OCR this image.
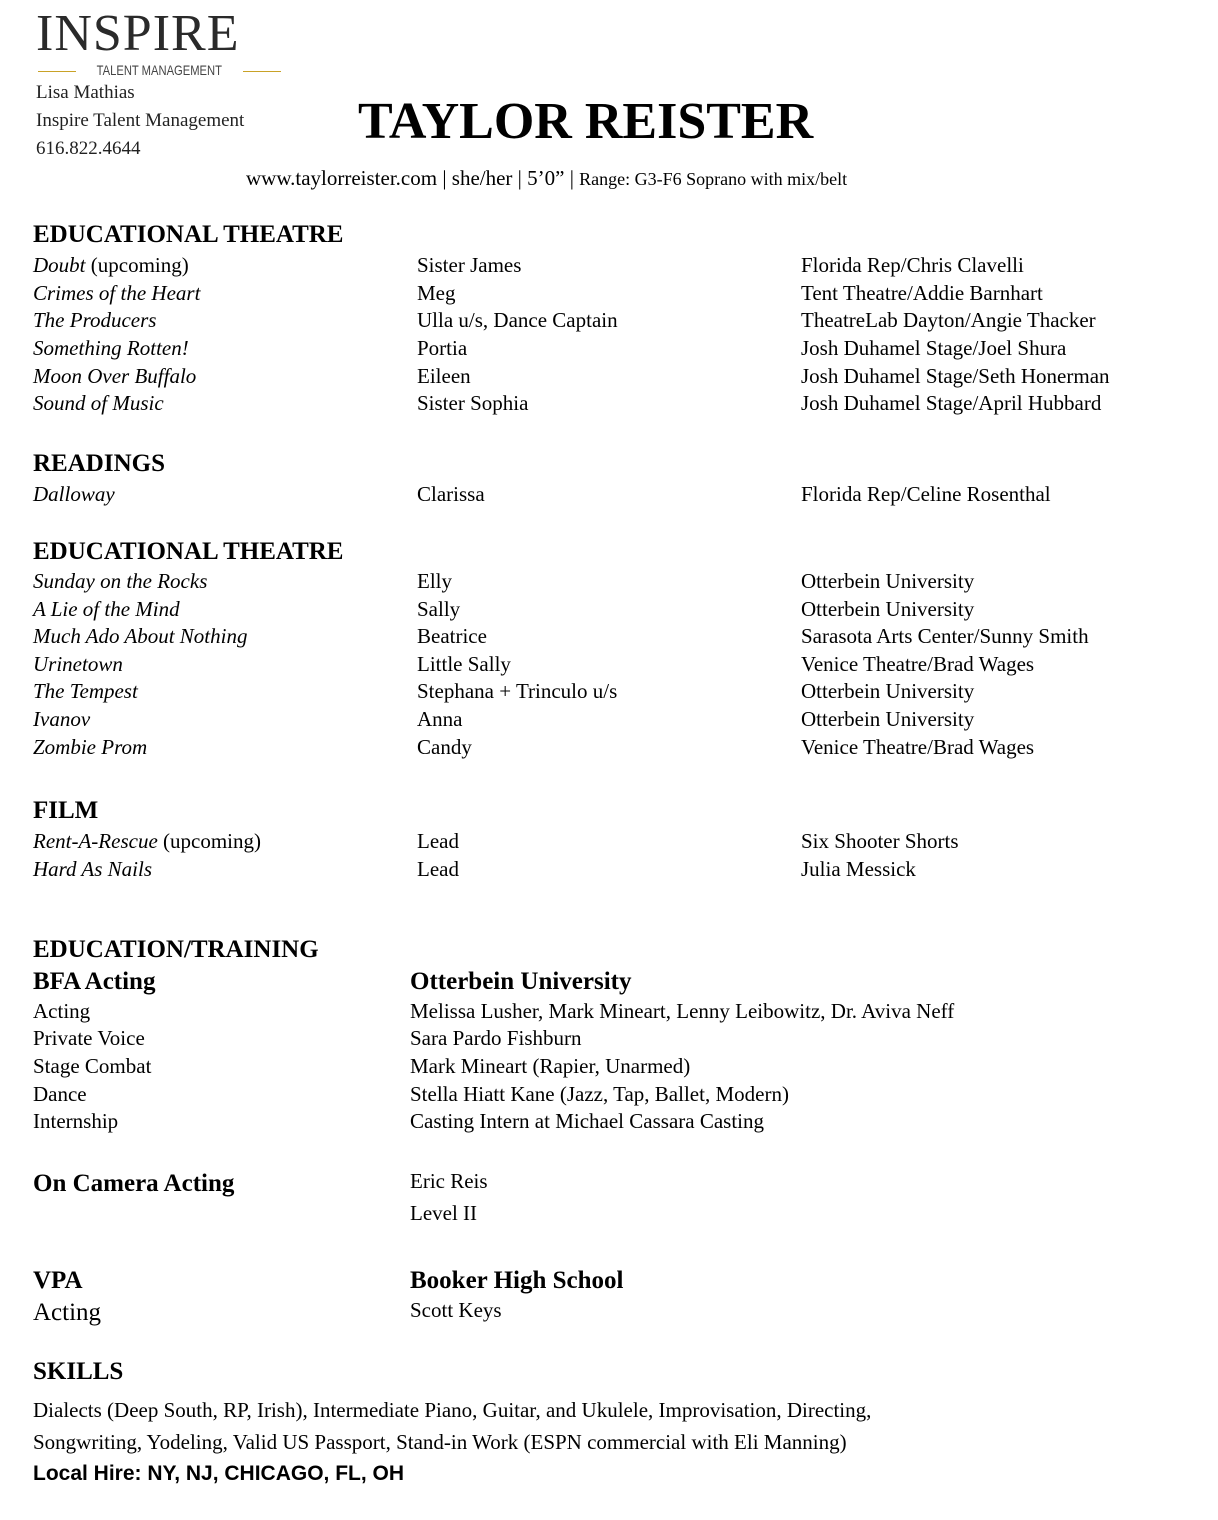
INSPIRE
TALENT MANAGEMENT
Lisa Mathias
Inspire Talent Management
616.822.4644	TAYLOR REISTER
www.taylorreister.com | she/her | 5’0” | Range: G3-F6 Soprano with mix/belt
EDUCATIONAL THEATRE
Doubt (upcoming)	Sister James	Florida Rep/Chris Clavelli
Crimes of the Heart	Meg	Tent Theatre/Addie Barnhart
The Producers	Ulla u/s, Dance Captain	TheatreLab Dayton/Angie Thacker
Something Rotten!	Portia	Josh Duhamel Stage/Joel Shura
Moon Over Buffalo	Eileen	Josh Duhamel Stage/Seth Honerman
Sound of Music	Sister Sophia	Josh Duhamel Stage/April Hubbard
READINGS
Dalloway	Clarissa	Florida Rep/Celine Rosenthal
EDUCATIONAL THEATRE
Sunday on the Rocks	Elly	Otterbein University
A Lie of the Mind	Sally	Otterbein University
Much Ado About Nothing	Beatrice	Sarasota Arts Center/Sunny Smith
Urinetown	Little Sally	Venice Theatre/Brad Wages
The Tempest	Stephana + Trinculo u/s	Otterbein University
Ivanov	Anna	Otterbein University
Zombie Prom	Candy	Venice Theatre/Brad Wages
FILM
Rent-A-Rescue (upcoming)	Lead	Six Shooter Shorts
Hard As Nails	Lead	Julia Messick
EDUCATION/TRAINING
BFA Acting	Otterbein University
Acting	Melissa Lusher, Mark Mineart, Lenny Leibowitz, Dr. Aviva Neff
Private Voice	Sara Pardo Fishburn
Stage Combat	Mark Mineart (Rapier, Unarmed)
Dance	Stella Hiatt Kane (Jazz, Tap, Ballet, Modern)
Internship	Casting Intern at Michael Cassara Casting
On Camera Acting	Eric Reis
Level II
VPA	Booker High School
Acting	Scott Keys
SKILLS
Dialects (Deep South, RP, Irish), Intermediate Piano, Guitar, and Ukulele, Improvisation, Directing,
Songwriting, Yodeling, Valid US Passport, Stand-in Work (ESPN commercial with Eli Manning)
Local Hire: NY, NJ, CHICAGO, FL, OH
